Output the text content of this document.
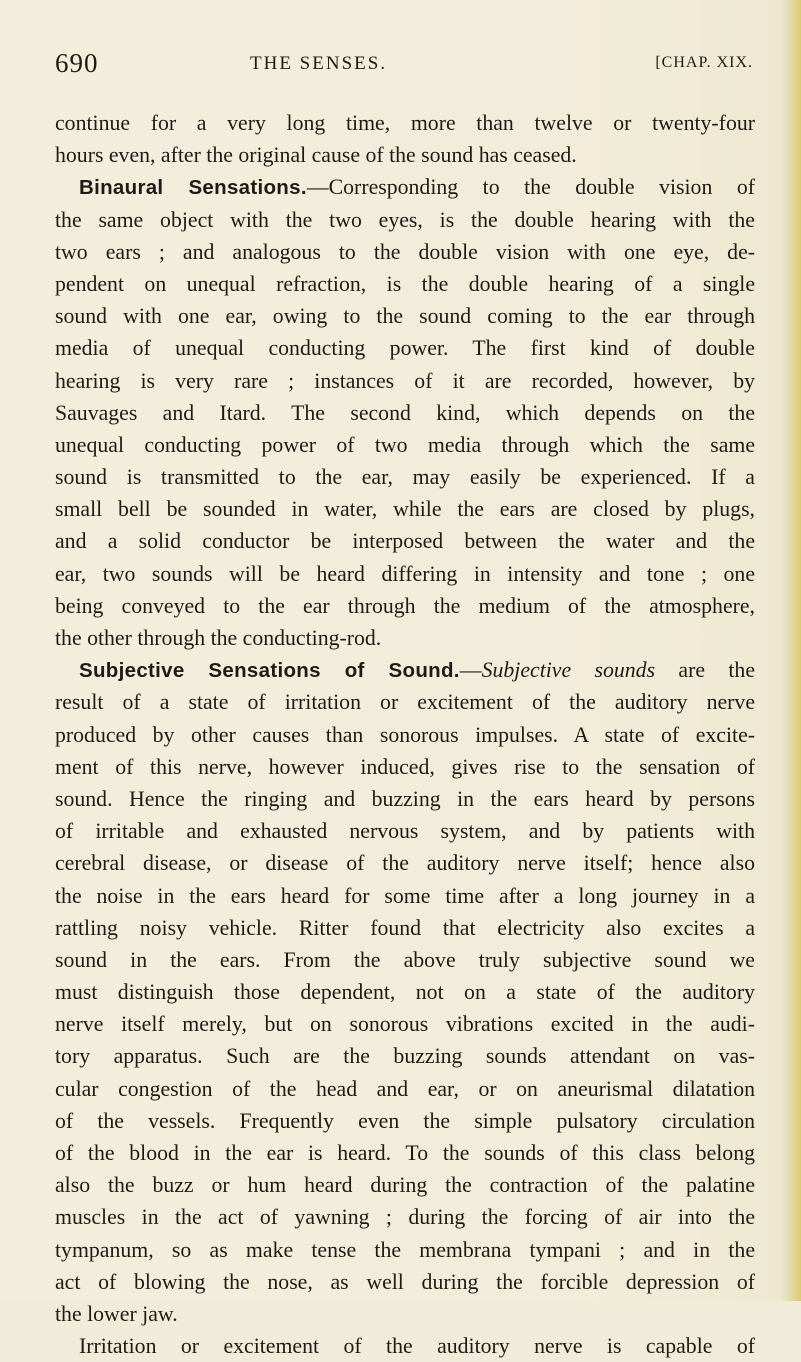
690	THE SENSES.	[CHAP. XIX.
continue for a very long time, more than twelve or twenty-four
hours even, after the original cause of the sound has ceased.
Binaural Sensations.—Corresponding to the double vision of
the same object with the two eyes, is the double hearing with the
two ears ; and analogous to the double vision with one eye, de-
pendent on unequal refraction, is the double hearing of a single
sound with one ear, owing to the sound coming to the ear through
media of unequal conducting power. The first kind of double
hearing is very rare ; instances of it are recorded, however, by
Sauvages and Itard. The second kind, which depends on the
unequal conducting power of two media through which the same
sound is transmitted to the ear, may easily be experienced. If a
small bell be sounded in water, while the ears are closed by plugs,
and a solid conductor be interposed between the water and the
ear, two sounds will be heard differing in intensity and tone ; one
being conveyed to the ear through the medium of the atmosphere,
the other through the conducting-rod.
Subjective Sensations of Sound.—Subjective sounds are the
result of a state of irritation or excitement of the auditory nerve
produced by other causes than sonorous impulses. A state of excite-
ment of this nerve, however induced, gives rise to the sensation of
sound. Hence the ringing and buzzing in the ears heard by persons
of irritable and exhausted nervous system, and by patients with
cerebral disease, or disease of the auditory nerve itself; hence also
the noise in the ears heard for some time after a long journey in a
rattling noisy vehicle. Ritter found that electricity also excites a
sound in the ears. From the above truly subjective sound we
must distinguish those dependent, not on a state of the auditory
nerve itself merely, but on sonorous vibrations excited in the audi-
tory apparatus. Such are the buzzing sounds attendant on vas-
cular congestion of the head and ear, or on aneurismal dilatation
of the vessels. Frequently even the simple pulsatory circulation
of the blood in the ear is heard. To the sounds of this class belong
also the buzz or hum heard during the contraction of the palatine
muscles in the act of yawning ; during the forcing of air into the
tympanum, so as make tense the membrana tympani ; and in the
act of blowing the nose, as well during the forcible depression of
the lower jaw.
Irritation or excitement of the auditory nerve is capable of
